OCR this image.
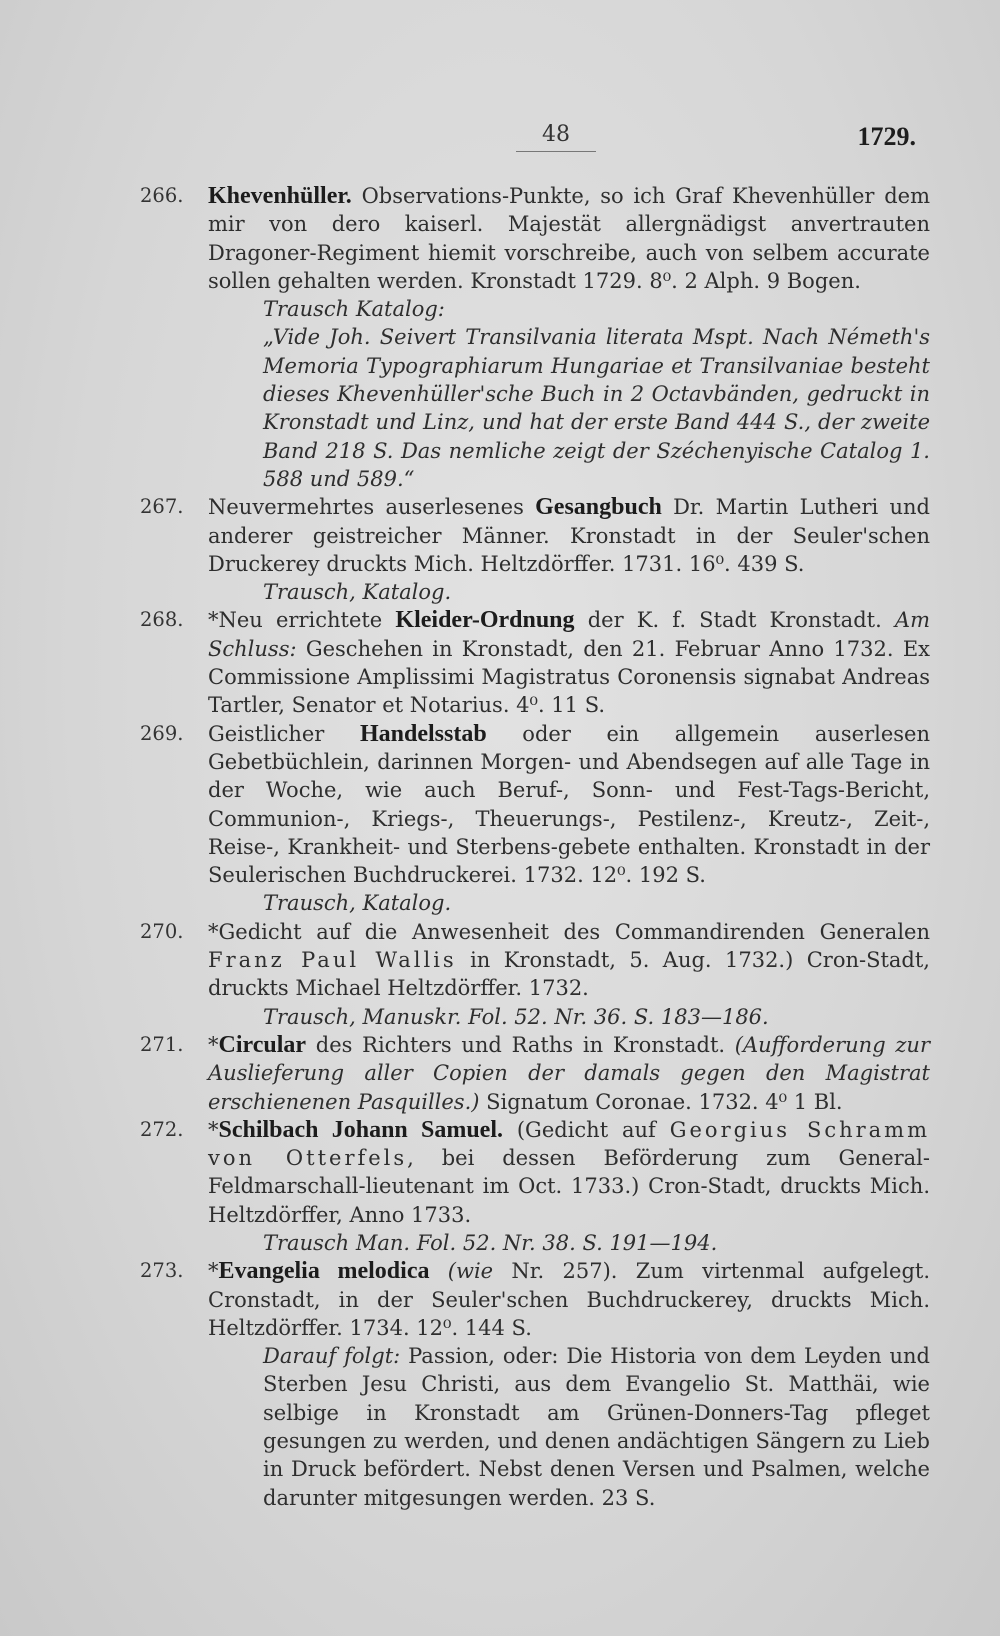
48	1729.
266.	Khevenhüller. Observations-Punkte, so ich Graf Khevenhüller dem mir von dero kaiserl. Majestät allergnädigst anvertrauten Dragoner-Regiment hiemit vorschreibe, auch von selbem accurate sollen gehalten werden. Kronstadt 1729. 8⁰. 2 Alph. 9 Bogen.

Trausch Katalog:

„Vide Joh. Seivert Transilvania literata Mspt. Nach Németh's Memoria Typographiarum Hungariae et Transilvaniae besteht dieses Khevenhüller'sche Buch in 2 Octavbänden, gedruckt in Kronstadt und Linz, und hat der erste Band 444 S., der zweite Band 218 S. Das nemliche zeigt der Széchenyische Catalog 1. 588 und 589.“

267.	Neuvermehrtes auserlesenes Gesangbuch Dr. Martin Lutheri und anderer geistreicher Männer. Kronstadt in der Seuler'schen Druckerey druckts Mich. Heltzdörffer. 1731. 16⁰. 439 S.

Trausch, Katalog.

268.	*Neu errichtete Kleider-Ordnung der K. f. Stadt Kronstadt. Am Schluss: Geschehen in Kronstadt, den 21. Februar Anno 1732. Ex Commissione Amplissimi Magistratus Coronensis signabat Andreas Tartler, Senator et Notarius. 4⁰. 11 S.

269.	Geistlicher Handelsstab oder ein allgemein auserlesen Gebetbüchlein, darinnen Morgen- und Abendsegen auf alle Tage in der Woche, wie auch Beruf-, Sonn- und Fest-Tags-Bericht, Communion-, Kriegs-, Theuerungs-, Pestilenz-, Kreutz-, Zeit-, Reise-, Krankheit- und Sterbens-gebete enthalten. Kronstadt in der Seulerischen Buchdruckerei. 1732. 12⁰. 192 S.

Trausch, Katalog.

270.	*Gedicht auf die Anwesenheit des Commandirenden Generalen Franz Paul Wallis in Kronstadt, 5. Aug. 1732.) Cron-Stadt, druckts Michael Heltzdörffer. 1732.

Trausch, Manuskr. Fol. 52. Nr. 36. S. 183—186.

271.	*Circular des Richters und Raths in Kronstadt. (Aufforderung zur Auslieferung aller Copien der damals gegen den Magistrat erschienenen Pasquilles.) Signatum Coronae. 1732. 4⁰ 1 Bl.

272.	*Schilbach Johann Samuel. (Gedicht auf Georgius Schramm von Otterfels, bei dessen Beförderung zum General-Feldmarschall-lieutenant im Oct. 1733.) Cron-Stadt, druckts Mich. Heltzdörffer, Anno 1733.

Trausch Man. Fol. 52. Nr. 38. S. 191—194.

273.	*Evangelia melodica (wie Nr. 257). Zum virtenmal aufgelegt. Cronstadt, in der Seuler'schen Buchdruckerey, druckts Mich. Heltzdörffer. 1734. 12⁰. 144 S.

Darauf folgt: Passion, oder: Die Historia von dem Leyden und Sterben Jesu Christi, aus dem Evangelio St. Matthäi, wie selbige in Kronstadt am Grünen-Donners-Tag pfleget gesungen zu werden, und denen andächtigen Sängern zu Lieb in Druck befördert. Nebst denen Versen und Psalmen, welche darunter mitgesungen werden. 23 S.
